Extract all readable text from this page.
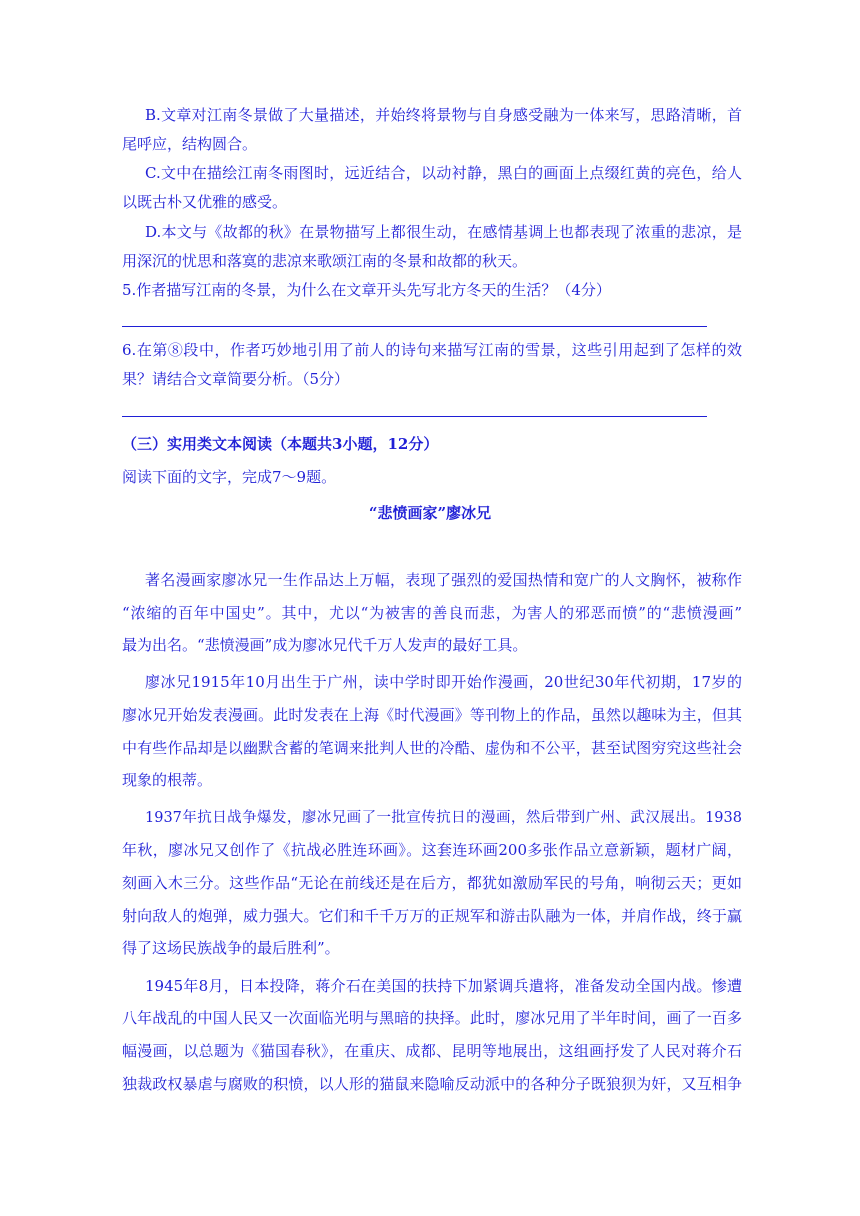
B.文章对江南冬景做了大量描述，并始终将景物与自身感受融为一体来写，思路清晰，首
尾呼应，结构圆合。
C.文中在描绘江南冬雨图时，远近结合，以动衬静，黑白的画面上点缀红黄的亮色，给人
以既古朴又优雅的感受。
D.本文与《故都的秋》在景物描写上都很生动，在感情基调上也都表现了浓重的悲凉，是
用深沉的忧思和落寞的悲凉来歌颂江南的冬景和故都的秋天。
5.作者描写江南的冬景，为什么在文章开头先写北方冬天的生活？（4分）
6.在第⑧段中，作者巧妙地引用了前人的诗句来描写江南的雪景，这些引用起到了怎样的效
果？请结合文章简要分析。（5分）
（三）实用类文本阅读（本题共3小题，12分）
阅读下面的文字，完成7～9题。
“悲愤画家”廖冰兄
著名漫画家廖冰兄一生作品达上万幅，表现了强烈的爱国热情和宽广的人文胸怀，被称作
“浓缩的百年中国史”。其中，尤以“为被害的善良而悲，为害人的邪恶而愤”的“悲愤漫画”
最为出名。“悲愤漫画”成为廖冰兄代千万人发声的最好工具。
廖冰兄1915年10月出生于广州，读中学时即开始作漫画，20世纪30年代初期，17岁的
廖冰兄开始发表漫画。此时发表在上海《时代漫画》等刊物上的作品，虽然以趣味为主，但其
中有些作品却是以幽默含蓄的笔调来批判人世的冷酷、虚伪和不公平，甚至试图穷究这些社会
现象的根蒂。
1937年抗日战争爆发，廖冰兄画了一批宣传抗日的漫画，然后带到广州、武汉展出。1938
年秋，廖冰兄又创作了《抗战必胜连环画》。这套连环画200多张作品立意新颖，题材广阔，
刻画入木三分。这些作品“无论在前线还是在后方，都犹如激励军民的号角，响彻云天；更如
射向敌人的炮弹，威力强大。它们和千千万万的正规军和游击队融为一体，并肩作战，终于赢
得了这场民族战争的最后胜利”。
1945年8月，日本投降，蒋介石在美国的扶持下加紧调兵遣将，准备发动全国内战。惨遭
八年战乱的中国人民又一次面临光明与黑暗的抉择。此时，廖冰兄用了半年时间，画了一百多
幅漫画，以总题为《猫国春秋》，在重庆、成都、昆明等地展出，这组画抒发了人民对蒋介石
独裁政权暴虐与腐败的积愤，以人形的猫鼠来隐喻反动派中的各种分子既狼狈为奸，又互相争
